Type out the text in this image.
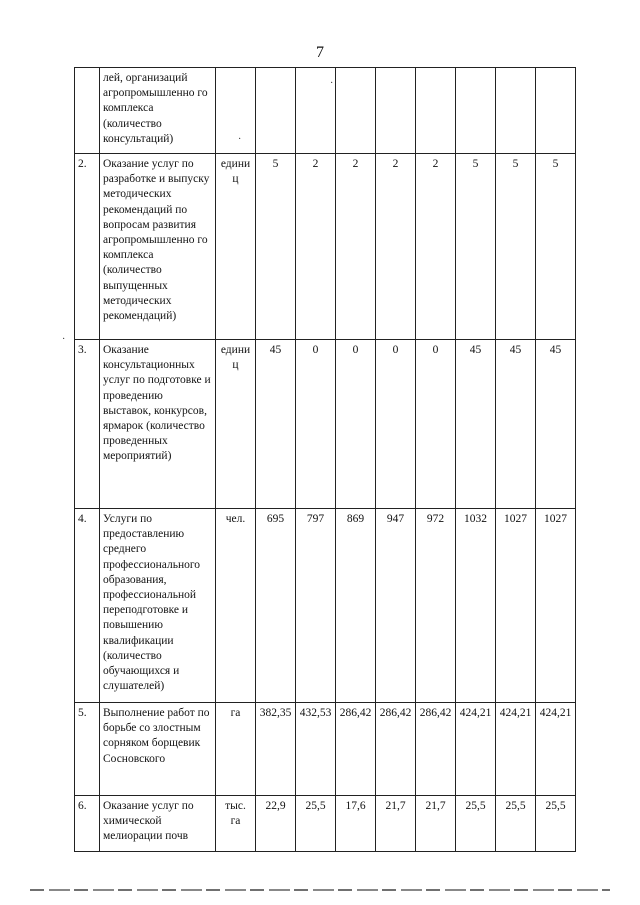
7
	лей, организаций агропромышленно го комплекса (количество консультаций)									
2.	Оказание услуг по разработке и выпуску методических рекомендаций по вопросам развития агропромышленно го комплекса (количество выпущенных методических рекомендаций)	едини ц	5	2	2	2	2	5	5	5
3.	Оказание консультационных услуг по подготовке и проведению выставок, конкурсов, ярмарок (количество проведенных мероприятий)	едини ц	45	0	0	0	0	45	45	45
4.	Услуги по предоставлению среднего профессионального образования, профессиональной переподготовке и повышению квалификации (количество обучающихся и слушателей)	чел.	695	797	869	947	972	1032	1027	1027
5.	Выполнение работ по борьбе со злостным сорняком борщевик Сосновского	га	382,35	432,53	286,42	286,42	286,42	424,21	424,21	424,21
6.	Оказание услуг по химической мелиорации почв	тыс. га	22,9	25,5	17,6	21,7	21,7	25,5	25,5	25,5
·
·
·
